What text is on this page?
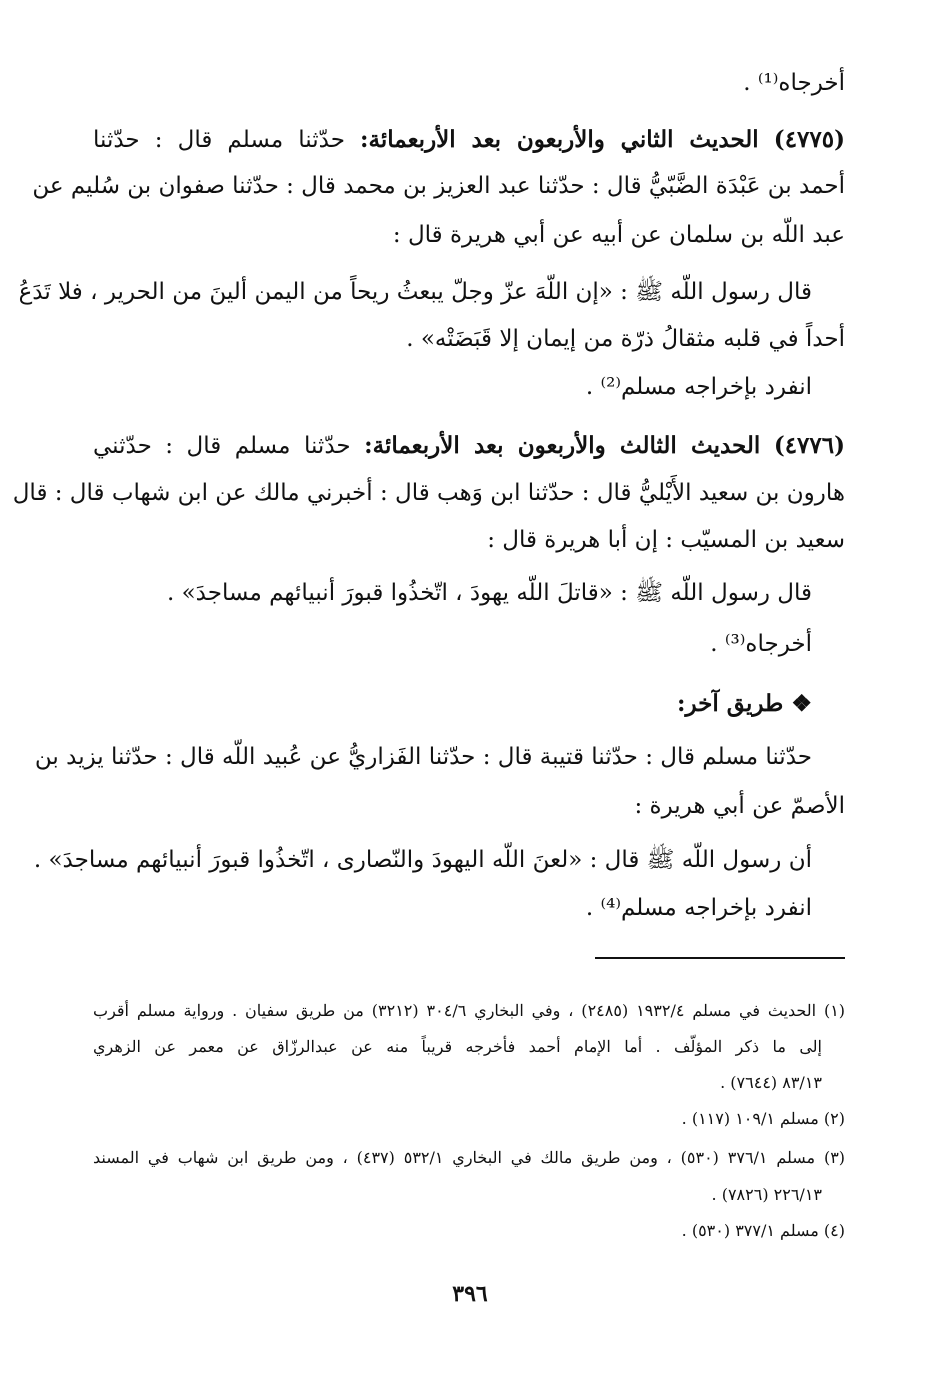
أخرجاه⁽¹⁾ .
(٤٧٧٥) الحديث الثاني والأربعون بعد الأربعمائة: حدّثنا مسلم قال : حدّثنا
أحمد بن عَبْدَة الضَّبّيُّ قال : حدّثنا عبد العزيز بن محمد قال : حدّثنا صفوان بن سُليم عن
عبد اللّه بن سلمان عن أبيه عن أبي هريرة قال :
قال رسول اللّه ﷺ : «إن اللّهَ عزّ وجلّ يبعثُ ريحاً من اليمن ألينَ من الحرير ، فلا تَدَعُ
أحداً في قلبه مثقالُ ذرّة من إيمان إلا قَبَضَتْه» .
انفرد بإخراجه مسلم⁽²⁾ .
(٤٧٧٦) الحديث الثالث والأربعون بعد الأربعمائة: حدّثنا مسلم قال : حدّثني
هارون بن سعيد الأَيْليُّ قال : حدّثنا ابن وَهب قال : أخبرني مالك عن ابن شهاب قال : قال
سعيد بن المسيّب : إن أبا هريرة قال :
قال رسول اللّه ﷺ : «قاتلَ اللّه يهودَ ، اتّخذُوا قبورَ أنبيائهم مساجدَ» .
أخرجاه⁽³⁾ .
❖ طريق آخر:
حدّثنا مسلم قال : حدّثنا قتيبة قال : حدّثنا الفَزاريُّ عن عُبيد اللّه قال : حدّثنا يزيد بن
الأصمّ عن أبي هريرة :
أن رسول اللّه ﷺ قال : «لعنَ اللّه اليهودَ والنّصارى ، اتّخذُوا قبورَ أنبيائهم مساجدَ» .
انفرد بإخراجه مسلم⁽⁴⁾ .
(١) الحديث في مسلم ١٩٣٢/٤ (٢٤٨٥) ، وفي البخاري ٣٠٤/٦ (٣٢١٢) من طريق سفيان . ورواية مسلم أقرب
إلى ما ذكر المؤلّف . أما الإمام أحمد فأخرجه قريباً منه عن عبدالرزّاق عن معمر عن الزهري
٨٣/١٣ (٧٦٤٤) .
(٢) مسلم ١٠٩/١ (١١٧) .
(٣) مسلم ٣٧٦/١ (٥٣٠) ، ومن طريق مالك في البخاري ٥٣٢/١ (٤٣٧) ، ومن طريق ابن شهاب في المسند
٢٢٦/١٣ (٧٨٢٦) .
(٤) مسلم ٣٧٧/١ (٥٣٠) .
٣٩٦
